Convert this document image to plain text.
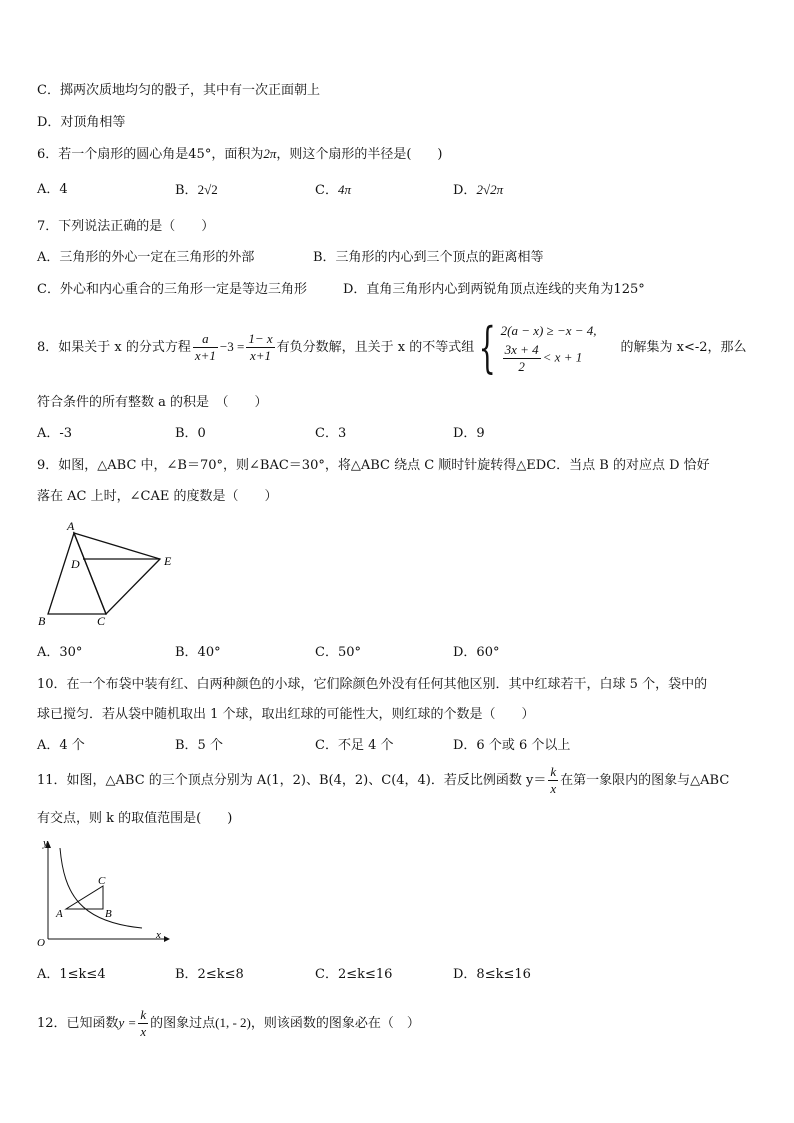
C．掷两次质地均匀的骰子，其中有一次正面朝上
D．对顶角相等
6．若一个扇形的圆心角是45°，面积为2π，则这个扇形的半径是(　　)
A．4	B．2√2	C．4π	D．2√2π
7．下列说法正确的是（　　）
A．三角形的外心一定在三角形的外部	B．三角形的内心到三个顶点的距离相等
C．外心和内心重合的三角形一定是等边三角形	D．直角三角形内心到两锐角顶点连线的夹角为125°
8．如果关于 x 的分式方程 $\frac{a}{x+1} -3 = \frac{1- x}{x+1}$ 有负分数解，且关于 x 的不等式组{ 2(a − x) ≥ −x − 4,
$\frac{3x + 4}{2} < x + 1$
的解集为 x<-2，那么
符合条件的所有整数 a 的积是　（　　）
A．-3	B．0	C．3	D．9
9．如图，△ABC 中，∠B＝70°，则∠BAC＝30°，将△ABC 绕点 C 顺时针旋转得△EDC．当点 B 的对应点 D 恰好
落在 AC 上时，∠CAE 的度数是（　　）
A
D	E
B	C
A．30°	B．40°	C．50°	D．60°
10．在一个布袋中装有红、白两种颜色的小球，它们除颜色外没有任何其他区别．其中红球若干，白球 5 个，袋中的
球已搅匀．若从袋中随机取出 1 个球，取出红球的可能性大，则红球的个数是（　　）
A．4 个	B．5 个	C．不足 4 个	D．6 个或 6 个以上
11．如图，△ABC 的三个顶点分别为 A(1，2)、B(4，2)、C(4，4)．若反比例函数 $y= \frac{k}{x}$ 在第一象限内的图象与△ABC
有交点，则 k 的取值范围是(　　)
y
x
O
A	B
C
A．1≤k≤4	B．2≤k≤8	C．2≤k≤16	D．8≤k≤16
12．已知函数$y = \frac{k}{x}$ 的图象过点(1, - 2)，则该函数的图象必在（　）
